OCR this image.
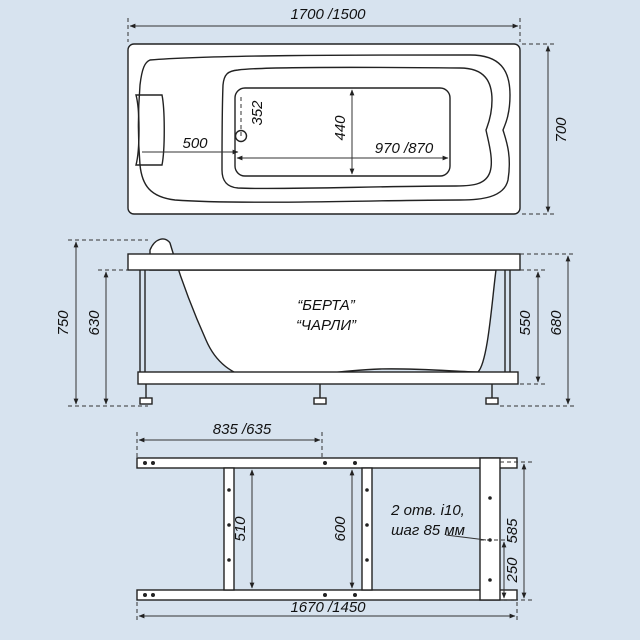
1700 /1500
700
500
352
440
970 /870
“БЕРТА”
“ЧАРЛИ”
750 630	550 680
835 /635
510	600	585
250
2 отв. i10,
шаг 85 мм
1670 /1450
